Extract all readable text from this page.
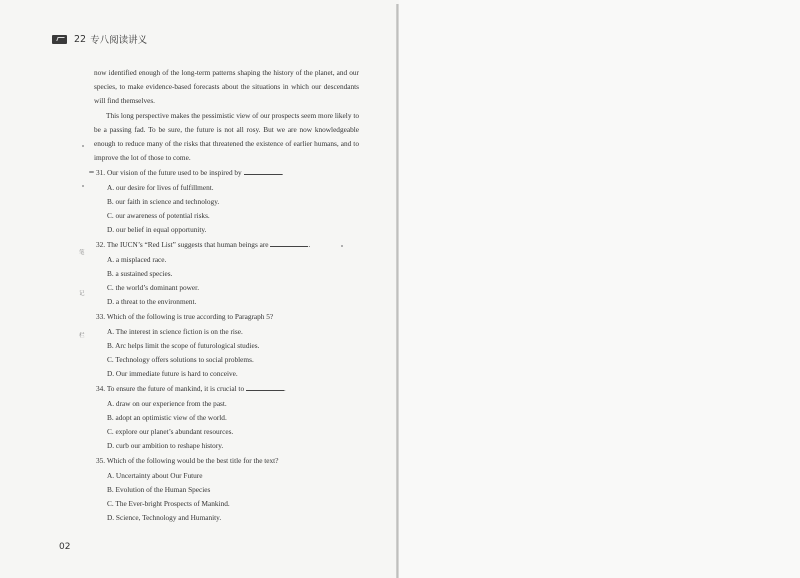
22 专八阅读讲义
笔
记
栏

now identified enough of the long-term patterns shaping the history of the planet, and our species, to make evidence-based forecasts about the situations in which our descendants will find themselves.

This long perspective makes the pessimistic view of our prospects seem more likely to be a passing fad. To be sure, the future is not all rosy. But we are now knowledgeable enough to reduce many of the risks that threatened the existence of earlier humans, and to improve the lot of those to come.

31. Our vision of the future used to be inspired by	.

A. our desire for lives of fulfillment.

B. our faith in science and technology.

C. our awareness of potential risks.

D. our belief in equal opportunity.

32. The IUCN’s “Red List” suggests that human beings are	.

A. a misplaced race.

B. a sustained species.

C. the world’s dominant power.

D. a threat to the environment.

33. Which of the following is true according to Paragraph 5?

A. The interest in science fiction is on the rise.

B. Arc helps limit the scope of futurological studies.

C. Technology offers solutions to social problems.

D. Our immediate future is hard to conceive.

34. To ensure the future of mankind, it is crucial to	.

A. draw on our experience from the past.

B. adopt an optimistic view of the world.

C. explore our planet’s abundant resources.

D. curb our ambition to reshape history.

35. Which of the following would be the best title for the text?

A. Uncertainty about Our Future

B. Evolution of the Human Species

C. The Ever-bright Prospects of Mankind.

D. Science, Technology and Humanity.

02
